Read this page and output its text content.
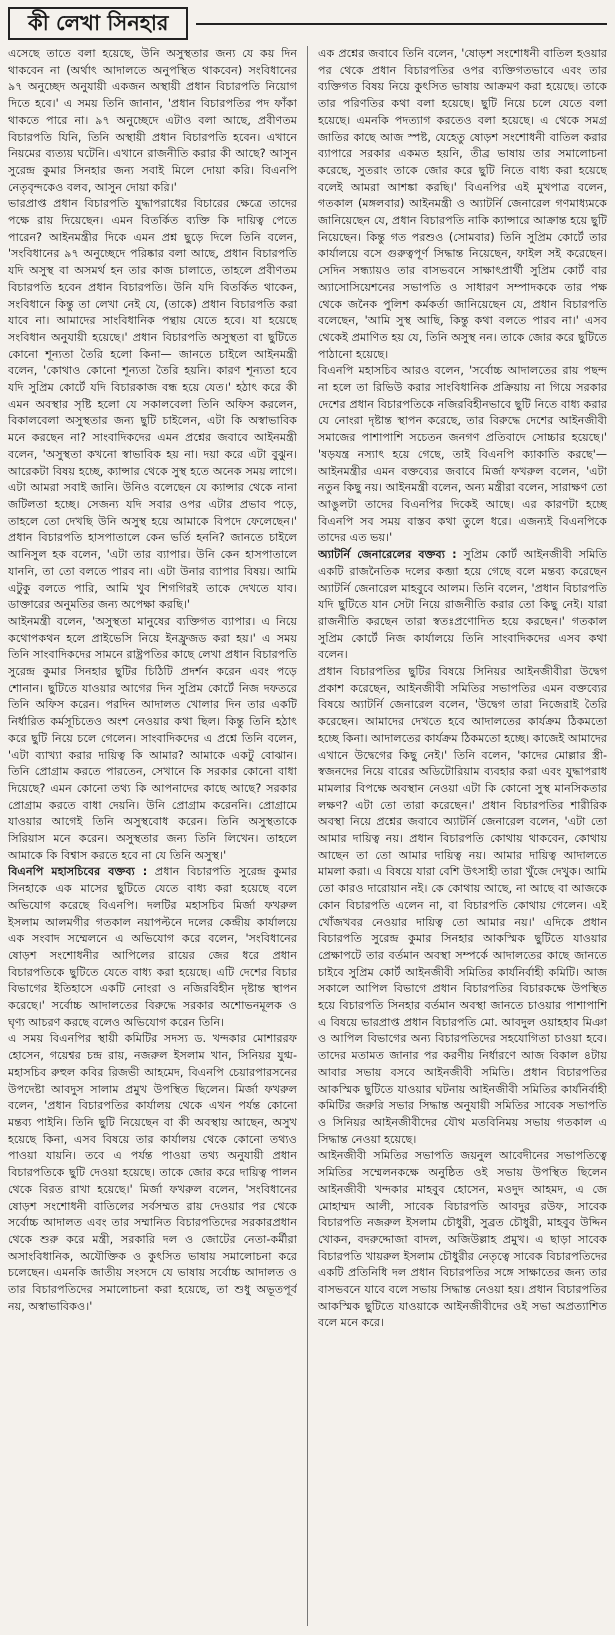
কী লেখা সিনহার

এসেছে তাতে বলা হয়েছে, উনি অসুস্থতার জন্য যে কয় দিন থাকবেন না (অর্থাৎ আদালতে অনুপস্থিত থাকবেন) সংবিধানের ৯৭ অনুচ্ছেদ অনুযায়ী একজন অস্থায়ী প্রধান বিচারপতি নিয়োগ দিতে হবে।' এ সময় তিনি জানান, 'প্রধান বিচারপতির পদ ফাঁকা থাকতে পারে না। ৯৭ অনুচ্ছেদে এটাও বলা আছে, প্রবীণতম বিচারপতি যিনি, তিনি অস্থায়ী প্রধান বিচারপতি হবেন। এখানে নিয়মের ব্যত্যয় ঘটেনি। এখানে রাজনীতি করার কী আছে? আসুন সুরেন্দ্র কুমার সিনহার জন্য সবাই মিলে দোয়া করি। বিএনপি নেতৃবৃন্দকেও বলব, আসুন দোয়া করি।'

ভারপ্রাপ্ত প্রধান বিচারপতি যুদ্ধাপরাধের বিচারের ক্ষেত্রে তাদের পক্ষে রায় দিয়েছেন। এমন বিতর্কিত ব্যক্তি কি দায়িত্ব পেতে পারেন? আইনমন্ত্রীর দিকে এমন প্রশ্ন ছুড়ে দিলে তিনি বলেন, 'সংবিধানের ৯৭ অনুচ্ছেদে পরিষ্কার বলা আছে, প্রধান বিচারপতি যদি অসুস্থ বা অসমর্থ হন তার কাজ চালাতে, তাহলে প্রবীণতম বিচারপতি হবেন প্রধান বিচারপতি। উনি যদি বিতর্কিত থাকেন, সংবিধানে কিন্তু তা লেখা নেই যে, (তাকে) প্রধান বিচারপতি করা যাবে না। আমাদের সাংবিধানিক পন্থায় যেতে হবে। যা হয়েছে সংবিধান অনুযায়ী হয়েছে।' প্রধান বিচারপতি অসুস্থতা বা ছুটিতে কোনো শূন্যতা তৈরি হলো কিনা— জানতে চাইলে আইনমন্ত্রী বলেন, 'কোথাও কোনো শূন্যতা তৈরি হয়নি। কারণ শূন্যতা হবে যদি সুপ্রিম কোর্টে যদি বিচারকাজ বন্ধ হয়ে যেত।' হঠাৎ করে কী এমন অবস্থার সৃষ্টি হলো যে সকালবেলা তিনি অফিস করলেন, বিকালবেলা অসুস্থতার জন্য ছুটি চাইলেন, এটা কি অস্বাভাবিক মনে করছেন না? সাংবাদিকদের এমন প্রশ্নের জবাবে আইনমন্ত্রী বলেন, 'অসুস্থতা কখনো স্বাভাবিক হয় না। দয়া করে এটা বুঝুন। আরেকটা বিষয় হচ্ছে, ক্যান্সার থেকে সুস্থ হতে অনেক সময় লাগে। এটা আমরা সবাই জানি। উনিও বলেছেন যে ক্যান্সার থেকে নানা জটিলতা হচ্ছে। সেজন্য যদি সবার ওপর এটার প্রভাব পড়ে, তাহলে তো দেখছি উনি অসুস্থ হয়ে আমাকে বিপদে ফেলেছেন।' প্রধান বিচারপতি হাসপাতালে কেন ভর্তি হননি? জানতে চাইলে আনিসুল হক বলেন, 'এটা তার ব্যাপার। উনি কেন হাসপাতালে যাননি, তা তো বলতে পারব না। এটা উনার ব্যাপার বিষয়। আমি এটুকু বলতে পারি, আমি খুব শিগগিরই তাকে দেখতে যাব। ডাক্তারের অনুমতির জন্য অপেক্ষা করছি।'

আইনমন্ত্রী বলেন, 'অসুস্থতা মানুষের ব্যক্তিগত ব্যাপার। এ নিয়ে কথোপকথন হলে প্রাইভেসি নিয়ে ইনফ্রুজড করা হয়।' এ সময় তিনি সাংবাদিকদের সামনে রাষ্ট্রপতির কাছে লেখা প্রধান বিচারপতি সুরেন্দ্র কুমার সিনহার ছুটির চিঠিটি প্রদর্শন করেন এবং পড়ে শোনান। ছুটিতে যাওয়ার আগের দিন সুপ্রিম কোর্টে নিজ দফতরে তিনি অফিস করেন। পরদিন আদালত খোলার দিন তার একটি নির্ধারিত কর্মসূচিতেও অংশ নেওয়ার কথা ছিল। কিন্তু তিনি হঠাৎ করে ছুটি নিয়ে চলে গেলেন। সাংবাদিকদের এ প্রশ্নে তিনি বলেন, 'এটা ব্যাখ্যা করার দায়িত্ব কি আমার? আমাকে একটু বোঝান। তিনি প্রোগ্রাম করতে পারতেন, সেখানে কি সরকার কোনো বাধা দিয়েছে? এমন কোনো তথ্য কি আপনাদের কাছে আছে? সরকার প্রোগ্রাম করতে বাধা দেয়নি। উনি প্রোগ্রাম করেননি। প্রোগ্রামে যাওয়ার আগেই তিনি অসুস্থবোধ করেন। তিনি অসুস্থতাকে সিরিয়াস মনে করেন। অসুস্থতার জন্য তিনি লিখেন। তাহলে আমাকে কি বিশ্বাস করতে হবে না যে তিনি অসুস্থ।'

বিএনপি মহাসচিবের বক্তব্য : প্রধান বিচারপতি সুরেন্দ্র কুমার সিনহাকে এক মাসের ছুটিতে যেতে বাধ্য করা হয়েছে বলে অভিযোগ করেছে বিএনপি। দলটির মহাসচিব মির্জা ফখরুল ইসলাম আলমগীর গতকাল নয়াপল্টনে দলের কেন্দ্রীয় কার্যালয়ে এক সংবাদ সম্মেলনে এ অভিযোগ করে বলেন, 'সংবিধানের ষোড়শ সংশোধনীর আপিলের রায়ের জের ধরে প্রধান বিচারপতিকে ছুটিতে যেতে বাধ্য করা হয়েছে। এটি দেশের বিচার বিভাগের ইতিহাসে একটি নোংরা ও নজিরবিহীন দৃষ্টান্ত স্থাপন করেছে।' সর্বোচ্চ আদালতের বিরুদ্ধে সরকার অশোভনমূলক ও ঘৃণ্য আচরণ করছে বলেও অভিযোগ করেন তিনি।

এ সময় বিএনপির স্থায়ী কমিটির সদস্য ড. খন্দকার মোশাররফ হোসেন, গয়েশ্বর চন্দ্র রায়, নজরুল ইসলাম খান, সিনিয়র যুগ্ম-মহাসচিব রুহুল কবির রিজভী আহমেদ, বিএনপি চেয়ারপারসনের উপদেষ্টা আবদুস সালাম প্রমুখ উপস্থিত ছিলেন। মির্জা ফখরুল বলেন, 'প্রধান বিচারপতির কার্যালয় থেকে এখন পর্যন্ত কোনো মন্তব্য পাইনি। তিনি ছুটি নিয়েছেন বা কী অবস্থায় আছেন, অসুখ হয়েছে কিনা, এসব বিষয়ে তার কার্যালয় থেকে কোনো তথ্যও পাওয়া যায়নি। তবে এ পর্যন্ত পাওয়া তথ্য অনুযায়ী প্রধান বিচারপতিকে ছুটি দেওয়া হয়েছে। তাকে জোর করে দায়িত্ব পালন থেকে বিরত রাখা হয়েছে।' মির্জা ফখরুল বলেন, 'সংবিধানের ষোড়শ সংশোধনী বাতিলের সর্বসম্মত রায় দেওয়ার পর থেকে সর্বোচ্চ আদালত এবং তার সম্মানিত বিচারপতিদের সরকারপ্রধান থেকে শুরু করে মন্ত্রী, সরকারি দল ও জোটের নেতা-কর্মীরা অসাংবিধানিক, অযৌক্তিক ও কুৎসিত ভাষায় সমালোচনা করে চলেছেন। এমনকি জাতীয় সংসদে যে ভাষায় সর্বোচ্চ আদালত ও তার বিচারপতিদের সমালোচনা করা হয়েছে, তা শুধু অভূতপূর্ব নয়, অস্বাভাবিকও।'

এক প্রশ্নের জবাবে তিনি বলেন, 'ষোড়শ সংশোধনী বাতিল হওয়ার পর থেকে প্রধান বিচারপতির ওপর ব্যক্তিগতভাবে এবং তার ব্যক্তিগত বিষয় নিয়ে কুৎসিত ভাষায় আক্রমণ করা হয়েছে। তাকে তার পরিণতির কথা বলা হয়েছে। ছুটি নিয়ে চলে যেতে বলা হয়েছে। এমনকি পদত্যাগ করতেও বলা হয়েছে। এ থেকে সমগ্র জাতির কাছে আজ স্পষ্ট, যেহেতু ষোড়শ সংশোধনী বাতিল করার ব্যাপারে সরকার একমত হয়নি, তীব্র ভাষায় তার সমালোচনা করেছে, সুতরাং তাকে জোর করে ছুটি নিতে বাধ্য করা হয়েছে বলেই আমরা আশঙ্কা করছি।' বিএনপির এই মুখপাত্র বলেন, গতকাল (মঙ্গলবার) আইনমন্ত্রী ও অ্যাটর্নি জেনারেল গণমাধ্যমকে জানিয়েছেন যে, প্রধান বিচারপতি নাকি ক্যান্সারে আক্রান্ত হয়ে ছুটি নিয়েছেন। কিন্তু গত পরশুও (সোমবার) তিনি সুপ্রিম কোর্টে তার কার্যালয়ে বসে গুরুত্বপূর্ণ সিদ্ধান্ত নিয়েছেন, ফাইল সই করেছেন। সেদিন সন্ধ্যায়ও তার বাসভবনে সাক্ষাৎপ্রার্থী সুপ্রিম কোর্ট বার অ্যাসোসিয়েশনের সভাপতি ও সাধারণ সম্পাদককে তার পক্ষ থেকে জনৈক পুলিশ কর্মকর্তা জানিয়েছেন যে, প্রধান বিচারপতি বলেছেন, 'আমি সুস্থ আছি, কিন্তু কথা বলতে পারব না।' এসব থেকেই প্রমাণিত হয় যে, তিনি অসুস্থ নন। তাকে জোর করে ছুটিতে পাঠানো হয়েছে।

বিএনপি মহাসচিব আরও বলেন, 'সর্বোচ্চ আদালতের রায় পছন্দ না হলে তা রিভিউ করার সাংবিধানিক প্রক্রিয়ায় না গিয়ে সরকার দেশের প্রধান বিচারপতিকে নজিরবিহীনভাবে ছুটি নিতে বাধ্য করার যে নোংরা দৃষ্টান্ত স্থাপন করেছে, তার বিরুদ্ধে দেশের আইনজীবী সমাজের পাশাপাশি সচেতন জনগণ প্রতিবাদে সোচ্চার হয়েছে।' 'ষড়যন্ত্র নস্যাৎ হয়ে গেছে, তাই বিএনপি ক্যাকাতি করছে'— আইনমন্ত্রীর এমন বক্তব্যের জবাবে মির্জা ফখরুল বলেন, 'এটা নতুন কিছু নয়। আইনমন্ত্রী বলেন, অন্য মন্ত্রীরা বলেন, সারাক্ষণ তো আঙুলটা তাদের বিএনপির দিকেই আছে। এর কারণটা হচ্ছে বিএনপি সব সময় বাস্তব কথা তুলে ধরে। এজন্যই বিএনপিকে তাদের এত ভয়।'

অ্যাটর্নি জেনারেলের বক্তব্য : সুপ্রিম কোর্ট আইনজীবী সমিতি একটি রাজনৈতিক দলের কব্জা হয়ে গেছে বলে মন্তব্য করেছেন অ্যাটর্নি জেনারেল মাহবুবে আলম। তিনি বলেন, 'প্রধান বিচারপতি যদি ছুটিতে যান সেটা নিয়ে রাজনীতি করার তো কিছু নেই। যারা রাজনীতি করছেন তারা স্বতঃপ্রণোদিত হয়ে করছেন।' গতকাল সুপ্রিম কোর্টে নিজ কার্যালয়ে তিনি সাংবাদিকদের এসব কথা বলেন।

প্রধান বিচারপতির ছুটির বিষয়ে সিনিয়র আইনজীবীরা উদ্বেগ প্রকাশ করেছেন, আইনজীবী সমিতির সভাপতির এমন বক্তব্যের বিষয়ে অ্যাটর্নি জেনারেল বলেন, 'উদ্বেগ তারা নিজেরাই তৈরি করেছেন। আমাদের দেখতে হবে আদালতের কার্যক্রম ঠিকমতো হচ্ছে কিনা। আদালতের কার্যক্রম ঠিকমতো হচ্ছে। কাজেই আমাদের এখানে উদ্বেগের কিছু নেই।' তিনি বলেন, 'কাদের মোল্লার স্ত্রী-স্বজনদের নিয়ে বারের অডিটোরিয়াম ব্যবহার করা এবং যুদ্ধাপরাধ মামলার বিপক্ষে অবস্থান নেওয়া এটা কি কোনো সুস্থ মানসিকতার লক্ষণ? এটা তো তারা করেছেন।' প্রধান বিচারপতির শারীরিক অবস্থা নিয়ে প্রশ্নের জবাবে অ্যাটর্নি জেনারেল বলেন, 'এটা তো আমার দায়িত্ব নয়। প্রধান বিচারপতি কোথায় থাকবেন, কোথায় আছেন তা তো আমার দায়িত্ব নয়। আমার দায়িত্ব আদালতে মামলা করা। এ বিষয়ে যারা বেশি উৎসাহী তারা খুঁজে দেখুক। আমি তো কারও দারোয়ান নই। কে কোথায় আছে, না আছে বা আজকে কোন বিচারপতি এলেন না, বা বিচারপতি কোথায় গেলেন। এই খোঁজখবর নেওয়ার দায়িত্ব তো আমার নয়।' এদিকে প্রধান বিচারপতি সুরেন্দ্র কুমার সিনহার আকস্মিক ছুটিতে যাওয়ার প্রেক্ষাপটে তার বর্তমান অবস্থা সম্পর্কে আদালতের কাছে জানতে চাইবে সুপ্রিম কোর্ট আইনজীবী সমিতির কার্যনির্বাহী কমিটি। আজ সকালে আপিল বিভাগে প্রধান বিচারপতির বিচারকক্ষে উপস্থিত হয়ে বিচারপতি সিনহার বর্তমান অবস্থা জানতে চাওয়ার পাশাপাশি এ বিষয়ে ভারপ্রাপ্ত প্রধান বিচারপতি মো. আবদুল ওয়াহহাব মিঞা ও আপিল বিভাগের অন্য বিচারপতিদের সহযোগিতা চাওয়া হবে। তাদের মতামত জানার পর করণীয় নির্ধারণে আজ বিকাল ৪টায় আবার সভায় বসবে আইনজীবী সমিতি। প্রধান বিচারপতির আকস্মিক ছুটিতে যাওয়ার ঘটনায় আইনজীবী সমিতির কার্যনির্বাহী কমিটির জরুরি সভার সিদ্ধান্ত অনুযায়ী সমিতির সাবেক সভাপতি ও সিনিয়র আইনজীবীদের যৌথ মতবিনিময় সভায় গতকাল এ সিদ্ধান্ত নেওয়া হয়েছে।

আইনজীবী সমিতির সভাপতি জয়নুল আবেদীনের সভাপতিত্বে সমিতির সম্মেলনকক্ষে অনুষ্ঠিত ওই সভায় উপস্থিত ছিলেন আইনজীবী খন্দকার মাহবুব হোসেন, মওদুদ আহমদ, এ জে মোহাম্মদ আলী, সাবেক বিচারপতি আবদুর রউফ, সাবেক বিচারপতি নজরুল ইসলাম চৌধুরী, সুব্রত চৌধুরী, মাহবুব উদ্দিন খোকন, বদরুদ্দোজা বাদল, অজিউল্লাহ প্রমুখ। এ ছাড়া সাবেক বিচারপতি খায়রুল ইসলাম চৌধুরীর নেতৃত্বে সাবেক বিচারপতিদের একটি প্রতিনিধি দল প্রধান বিচারপতির সঙ্গে সাক্ষাতের জন্য তার বাসভবনে যাবে বলে সভায় সিদ্ধান্ত নেওয়া হয়। প্রধান বিচারপতির আকস্মিক ছুটিতে যাওয়াকে আইনজীবীদের ওই সভা অপ্রত্যাশিত বলে মনে করে।
